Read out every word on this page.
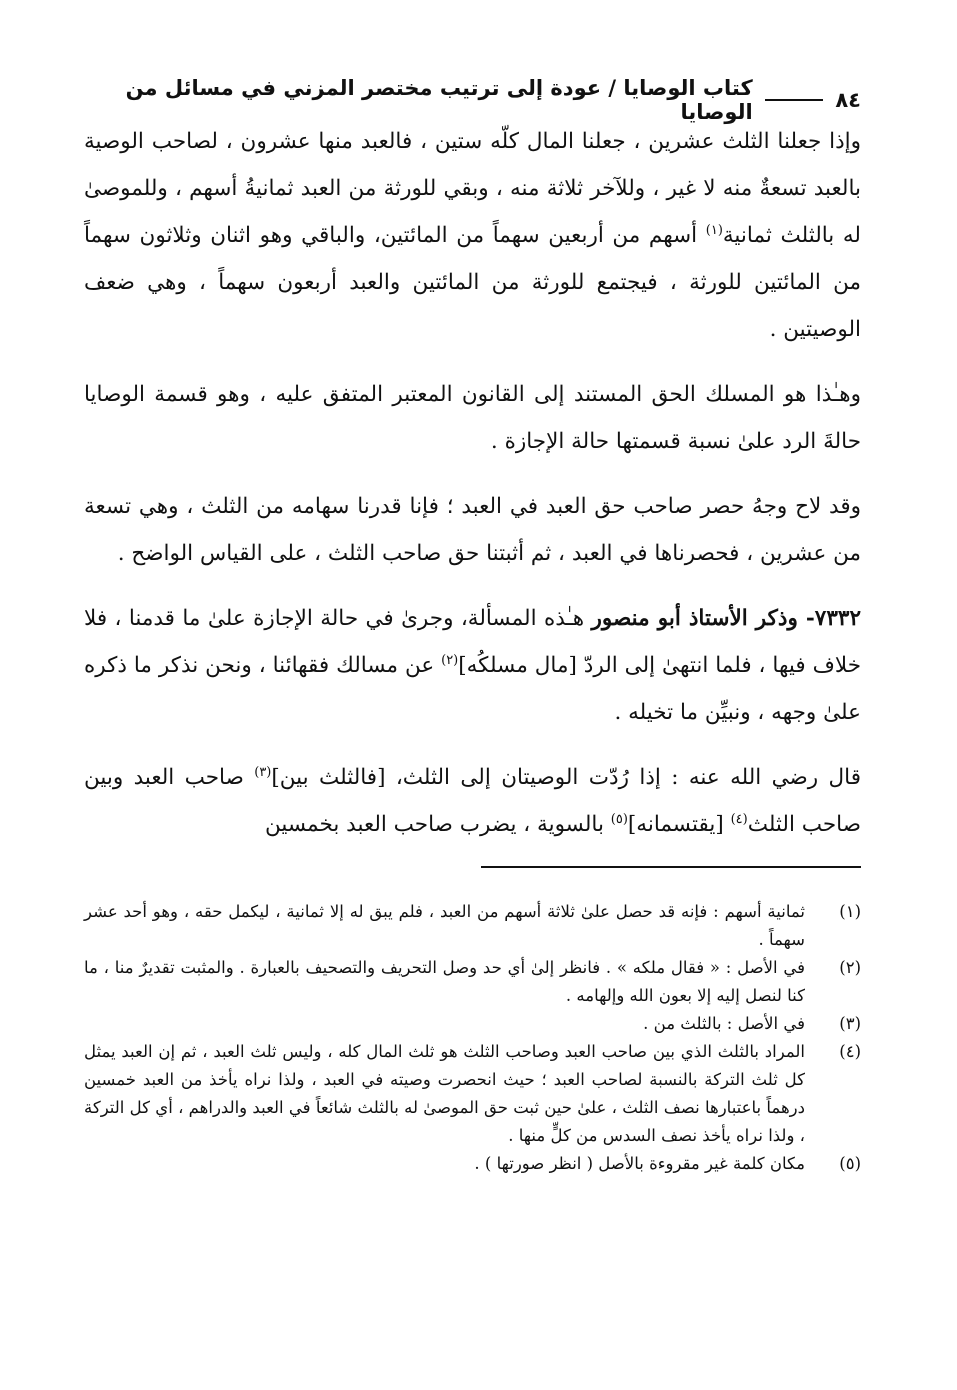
٨٤
كتاب الوصايا / عودة إلى ترتيب مختصر المزني في مسائل من الوصايا

وإذا جعلنا الثلث عشرين ، جعلنا المال كلّه ستين ، فالعبد منها عشرون ، لصاحب الوصية بالعبد تسعةٌ منه لا غير ، وللآخر ثلاثة منه ، وبقي للورثة من العبد ثمانيةُ أسهم ، وللموصىٰ له بالثلث ثمانية$^{(١)}$ أسهم من أربعين سهماً من المائتين، والباقي وهو اثنان وثلاثون سهماً من المائتين للورثة ، فيجتمع للورثة من المائتين والعبد أربعون سهماً ، وهي ضعف الوصيتين .

وهـٰذا هو المسلك الحق المستند إلى القانون المعتبر المتفق عليه ، وهو قسمة الوصايا حالةَ الرد علىٰ نسبة قسمتها حالة الإجازة .

وقد لاح وجهُ حصر صاحب حق العبد في العبد ؛ فإنا قدرنا سهامه من الثلث ، وهي تسعة من عشرين ، فحصرناها في العبد ، ثم أثبتنا حق صاحب الثلث ، على القياس الواضح .

٧٣٣٢- وذكر الأستاذ أبو منصور هـٰذه المسألة، وجرىٰ في حالة الإجازة علىٰ ما قدمنا ، فلا خلاف فيها ، فلما انتهىٰ إلى الردّ [مال مسلكُه]$^{(٢)}$ عن مسالك فقهائنا ، ونحن نذكر ما ذكره علىٰ وجهه ، ونبيِّن ما تخيله .

قال رضي الله عنه : إذا رُدّت الوصيتان إلى الثلث، [فالثلث بين]$^{(٣)}$ صاحب العبد وبين صاحب الثلث$^{(٤)}$ [يقتسمانه]$^{(٥)}$ بالسوية ، يضرب صاحب العبد بخمسين

(١)
ثمانية أسهم : فإنه قد حصل علىٰ ثلاثة أسهم من العبد ، فلم يبق له إلا ثمانية ، ليكمل حقه ، وهو أحد عشر سهماً .
(٢)
في الأصل : « فقال ملكه » . فانظر إلىٰ أي حد وصل التحريف والتصحيف بالعبارة . والمثبت تقديرٌ منا ، ما كنا لنصل إليه إلا بعون الله وإلهامه .
(٣)
في الأصل : بالثلث من .
(٤)
المراد بالثلث الذي بين صاحب العبد وصاحب الثلث هو ثلث المال كله ، وليس ثلث العبد ، ثم إن العبد يمثل كل ثلث التركة بالنسبة لصاحب العبد ؛ حيث انحصرت وصيته في العبد ، ولذا نراه يأخذ من العبد خمسين درهماً باعتبارها نصف الثلث ، علىٰ حين ثبت حق الموصىٰ له بالثلث شائعاً في العبد والدراهم ، أي كل التركة ، ولذا نراه يأخذ نصف السدس من كلٍّ منها .
(٥)
مكان كلمة غير مقروءة بالأصل ( انظر صورتها ) .
